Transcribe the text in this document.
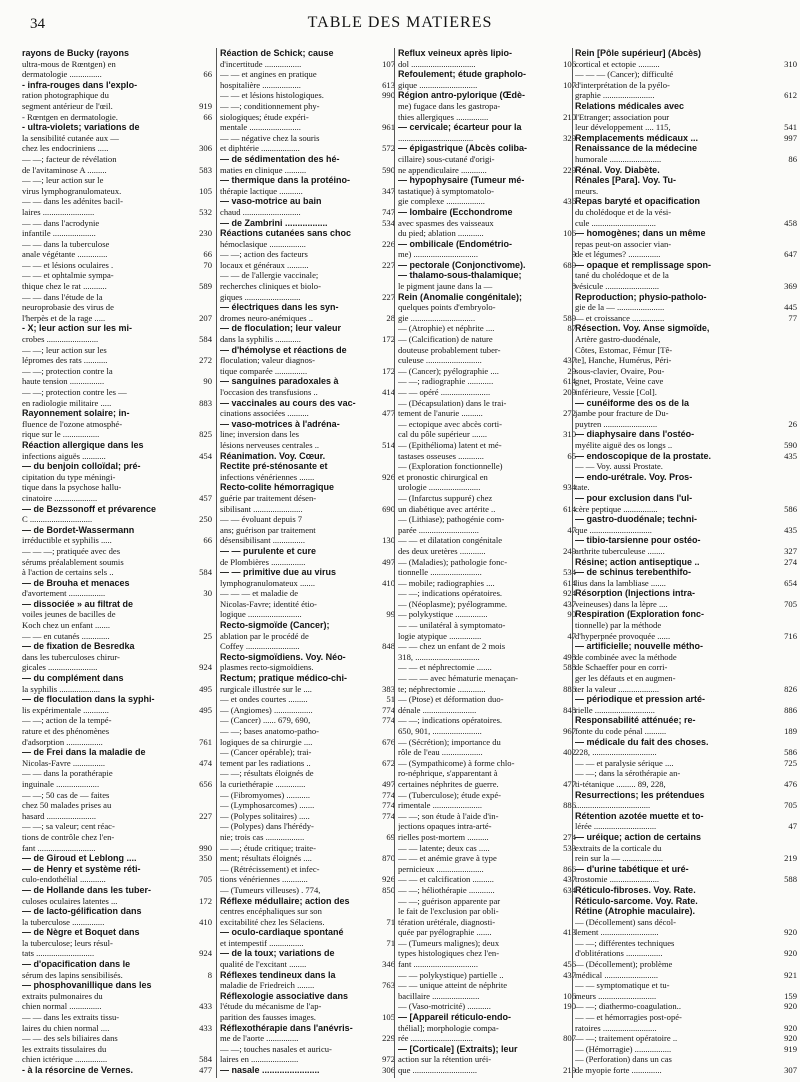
34	TABLE DES MATIERES
rayons de Bucky (rayons
ultra-mous de Rœntgen) en
dermatologie ...............	66
- infra-rouges dans l'explo-
ration photographique du
segment antérieur de l'œil.	919
- Rœntgen en dermatologie.	66
- ultra-violets; variations de
la sensibilité cutanée aux —
chez les endocriniens .....	306
— —; facteur de révélation
de l'avitaminose A .........	583
— —; leur action sur le
virus lymphogranulomateux.	105
— — dans les adénites bacil-
laires ........................	532
— — dans l'acrodynie
infantile ....................	230
— — dans la tuberculose
anale végétante ..............	66
— — et lésions oculaires .	70
— — et ophtalmie sympa-
thique chez le rat ...........	589
— — dans l'étude de la
neuroprobasie des virus de
l'herpès et de la rage .....	207
- X; leur action sur les mi-
crobes ........................	584
— —; leur action sur les
lépromes des rats ...........	272
— —; protection contre la
haute tension ................	90
— —; protection contre les —
en radiologie militaire .....	883
Rayonnement solaire; in-
fluence de l'ozone atmosphé-
rique sur le .................	825
Réaction allergique dans les
infections aiguës ...........	454
— du benjoin colloïdal; pré-
cipitation du type méningi-
tique dans la psychose hallu-
cinatoire ....................	457
— de Bezssonoff et prévarence
C .............................	250
— de Bordet-Wassermann
irréductible et syphilis .....	66
— — —; pratiquée avec des
sérums préalablement soumis
à l'action de certains sels ..	584
— de Brouha et menaces
d'avortement .................	30
— dissociée » au filtrat de
voiles jeunes de bacilles de
Koch chez un enfant .......
— — en cutanés .............	25
— de fixation de Besredka
dans les tuberculoses chirur-
gicales .......................	924
— du complément dans
la syphilis ...................	495
— de floculation dans la syphi-
lis expérimentale ............	495
— —; action de la tempé-
rature et des phénomènes
d'adsorption .................	761
— de Frei dans la maladie de
Nicolas-Favre ...............	474
— — dans la porathérapie
inguinale ....................	656
— —; 50 cas de — faites
chez 50 malades prises au
hasard .......................	227
— —; sa valeur; cent réac-
tions de contrôle chez l'en-
fant ...........................	990
— de Giroud et Leblong ....	350
— de Henry et système réti-
culo-endothélial ............	705
— de Hollande dans les tuber-
culoses oculaires latentes ...	172
— de lacto-gélification dans
la tuberculose ...............	410
— de Nègre et Boquet dans
la tuberculose; leurs résul-
tats ...........................	924
— d'opacification dans le
sérum des lapins sensibilisés.	8
— phosphovanillique dans les
extraits pulmonaires du
chien normal ...............	433
— — dans les extraits tissu-
laires du chien normal ....	433
— — des sels biliaires dans
les extraits tissulaires du
chien ictérique ...............	584
- à la résorcine de Vernes.	477
Réaction de Schick; cause
d'incertitude .................	107
— — et angines en pratique
hospitalière ..................	613
— — et lésions histologiques.	990
— —; conditionnement phy-
siologiques; étude expéri-
mentale ........................	961
— — négative chez la souris
et diphtérie ..................	572
— de sédimentation des hé-
maties en clinique ..........	590
— thermique dans la protéino-
thérapie lactique ...........	347
— vaso-motrice au bain
chaud ...........................	747
— de Zambrini .................	534
Réactions cutanées sans choc
hémoclasique .................	226
— —; action des facteurs
locaux et généraux ..........	227
— — de l'allergie vaccinale;
recherches cliniques et biolo-
giques ..........................	227
— électriques dans les syn-
dromes neuro-anémiques ..	28
— de floculation; leur valeur
dans la syphilis ............	172
— d'hémolyse et réactions de
floculation; valeur diagnos-
tique comparée ...............	172
— sanguines paradoxales à
l'occasion des transfusions ..	414
— vaccinales au cours des vac-
cinations associées ..........	477
— vaso-motrices à l'adréna-
line; inversion dans les
lésions nerveuses centrales ..	514
Réanimation. Voy. Cœur.
Rectite pré-sténosante et
infections vénériennes .......	926
Recto-colite hémorragique
guérie par traitement désen-
sibilisant .......................	690
— — évoluant depuis 7
ans; guérison par traitement
désensibilisant ...............	130
— — purulente et cure
de Plombières ................	497
— — primitive due au virus
lymphogranulomateux .......	410
— — — et maladie de
Nicolas-Favre; identité étio-
logique .........................	99
Recto-sigmoïde (Cancer);
ablation par le procédé de
Coffey .........................	848
Recto-sigmoïdiens. Voy. Néo-
plasmes recto-sigmoïdiens.
Rectum; pratique médico-chi-
rurgicale illustrée sur le ....	383
— et ondes courtes .........	51
— (Angiomes) ..................	774
— (Cancer) ...... 679, 690,	774
— —; bases anatomo-patho-
logiques de sa chirurgie ....	676
— (Cancer opérable); trai-
tement par les radiations ..	672
— —; résultats éloignés de
la curiethérapie ..............	497
— (Fibromyomes) ...........	774
— (Lymphosarcomes) .......	774
— (Polypes solitaires) .....	774
— (Polypes) dans l'hérédy-
nie; trois cas ..................	69
— —; étude critique; traite-
ment; résultats éloignés ....	870
— (Rétrécissement) et infec-
tions vénériennes ............	926
— (Tumeurs villeuses) . 774,	850
Réflexe médullaire; action des
centres encéphaliques sur son
excitabilité chez les Sélaciens.	71
— oculo-cardiaque spontané
et intempestif ................	71
— de la toux; variations de
qualité de l'excitant ........	346
Réflexes tendineux dans la
maladie de Friedreich ........	763
Réflexologie associative dans
l'étude du mécanisme de l'ap-
parition des fausses images.	105
Réflexothérapie dans l'anévris-
me de l'aorte ...............	229
— —; touches nasales et auricu-
laires en ......................	972
— nasale .......................	306
Reflux veineux après lipio-
dol ..............................	106
Refoulement; étude grapholo-
gique ...........................	107
Région antro-pylorique (Œdè-
me) fugace dans les gastropa-
thies allergiques ...............	210
— cervicale; écarteur pour la
...................................	329
— épigastrique (Abcès coliba-
cillaire) sous-cutané d'origi-
ne appendiculaire ............	229
— hypophysaire (Tumeur mé-
tastatique) à symptomatolo-
gie complexe ..................	436
— lombaire (Ecchondrome
avec spasmes des vaisseaux
du pied; ablation ............	106
— ombilicale (Endométrio-
me) ..............................	9
— pectorale (Conjonctivome).	689
— thalamo-sous-thalamique;
le pigment jaune dans la —	8
Rein (Anomalie congénitale);
quelques points d'embryolo-
gie ..............................	589
— (Atrophie) et néphrite ....	87
— (Calcification) de nature
douteuse probablement tuber-
culeuse ..........................	437
— (Cancer); pyélographie ....	29
— —; radiographie ............	614
— — opéré .......................	209
— (Décapsulation) dans le trai-
tement de l'anurie ..........	272
— ectopique avec abcès corti-
cal du pôle supérieur .......	310
— (Epithélioma) latent et mé-
tastases osseuses ............	65
— (Exploration fonctionnelle)
et pronostic chirurgical en
urologie ........................	934
— (Infarctus suppuré) chez
un diabétique avec artérite ..	614
— (Lithiase); pathogénie com-
parée ............................	47
— — et dilatation congénitale
des deux uretères ............	249
— (Maladies); pathologie fonc-
tionnelle ........................	534
— mobile; radiographies ....	614
— —; indications opératoires.	924
— (Néoplasme); pyélogramme.	437
— polykystique ...............	90
— — unilatéral à symptomato-
logie atypique ...............	47
— — chez un enfant de 2 mois
318, ..............................	498
— — et néphrectomie .......	588
— — — avec hématurie menaçan-
te; néphrectomie .............	886
— (Ptose) et déformation duo-
dénale .........................	848
— —; indications opératoires.
650, 901, .......................	967
— (Sécrétion); importance du
rôle de l'eau ...................	402
— (Sympathicome) à forme chlo-
ro-néphrique, s'apparentant à
certaines néphrites de guerre.	477
— (Tuberculose); étude expé-
rimentale .......................	886
— —; son étude à l'aide d'in-
jections opaques intra-arté-
rielles post-mortem ..........	274
— — latente; deux cas .....	533
— — et anémie grave à type
pernicieux ......................	866
— — et calcification ..........	437
— —; héliothérapie ............	634
— —; guérison apparente par
le fait de l'exclusion par obli-
tération urétérale, diagnosti-
quée par pyélographie .......	413
— (Tumeurs malignes); deux
types histologiques chez l'en-
fant ..............................	456
— — polykystique) partielle ..	437
— — unique atteint de néphrite
bacillaire ......................	106
— (Vaso-motricité) ...........	190
— [Appareil réticulo-endo-
thélial]; morphologie compa-
rée .............................	807
— [Corticale] (Extraits); leur
action sur la rétention uréi-
que ..............................	219
Rein [Pôle supérieur] (Abcès)
cortical et ectopie ..........	310
— — — (Cancer); difficulté
d'interprétation de la pyélo-
graphie ........................	612
Relations médicales avec
l'Etranger; association pour
leur développement .... 115,	541
Remplacements médicaux ...	997
Renaissance de la médecine
humorale ........................	86
Rénal. Voy. Diabète.
Rénales [Para]. Voy. Tu-
meurs.
Repas baryté et opacification
du cholédoque et de la vési-
cule ..............................	458
— homogènes; dans un même
repas peut-on associer vian-
de et légumes? ...............	647
— opaque et remplissage spon-
tané du cholédoque et de la
vésicule .........................	369
Reproduction; physio-patholo-
gie de la — ......................	445
— et croissance ...............	77
Résection. Voy. Anse sigmoïde,
Artère gastro-duodénale,
Côtes, Estomac, Fémur [Tê-
te], Hanche, Humérus, Péri-
sous-clavier, Ovaire, Pou-
gnet, Prostate, Veine cave
inférieure, Vessie [Col].
— cunéiforme des os de la
jambe pour fracture de Du-
puytren .........................	26
— diaphysaire dans l'ostéo-
myélite aiguë des os longs ..	590
— endoscopique de la prostate.	435
— — Voy. aussi Prostate.
— endo-urétrale. Voy. Pros-
tate.
— pour exclusion dans l'ul-
cère peptique ................	586
— gastro-duodénale; techni-
que .............................	435
— tibio-tarsienne pour ostéo-
arthrite tuberculeuse ........	327
Résine; action antiseptique ..	274
— de schinus terebenthifo-
lius dans la lambliase .......	654
Résorption (Injections intra-
veineuses) dans la lèpre ....	705
Respiration (Exploration fonc-
tionnelle) par la méthode
d'hyperpnée provoquée ......	716
— artificielle; nouvelle métho-
de combinée avec la méthode
de Schaeffer pour en corri-
ger les défauts et en augmen-
ter la valeur ...................	826
— périodique et pression arté-
rielle ............................	886
Responsabilité atténuée; re-
fonte du code pénal ..........	189
— médicale du fait des choses.
228, ..............................	586
— — et paralysie sérique ....	725
— —; dans la sérothérapie an-
ti-tétanique ......... 89, 228,	476
Resurrections; les prétendues
...................................	705
Rétention azotée muette et to-
lérée .............................	47
— uréique; action de certains
extraits de la corticale du
rein sur la — ...................	219
— d'urine tabétique et uré-
trostomie .......................	588
Réticulo-fibroses. Voy. Rate.
Réticulo-sarcome. Voy. Rate.
Rétine (Atrophie maculaire).
— (Décollement) sans décol-
lement ...........................	920
— —; différentes techniques
d'oblitérations .................	920
— (Décollement); problème
médical .........................	921
— — symptomatique et tu-
meurs ...........................	159
— —; diathermo-coagulation..	920
— — et hémorragies post-opé-
ratoires .........................	920
— —; traitement opératoire ..	920
— (Hémorragie) .................	919
— (Perforation) dans un cas
de myopie forte ..............	307
